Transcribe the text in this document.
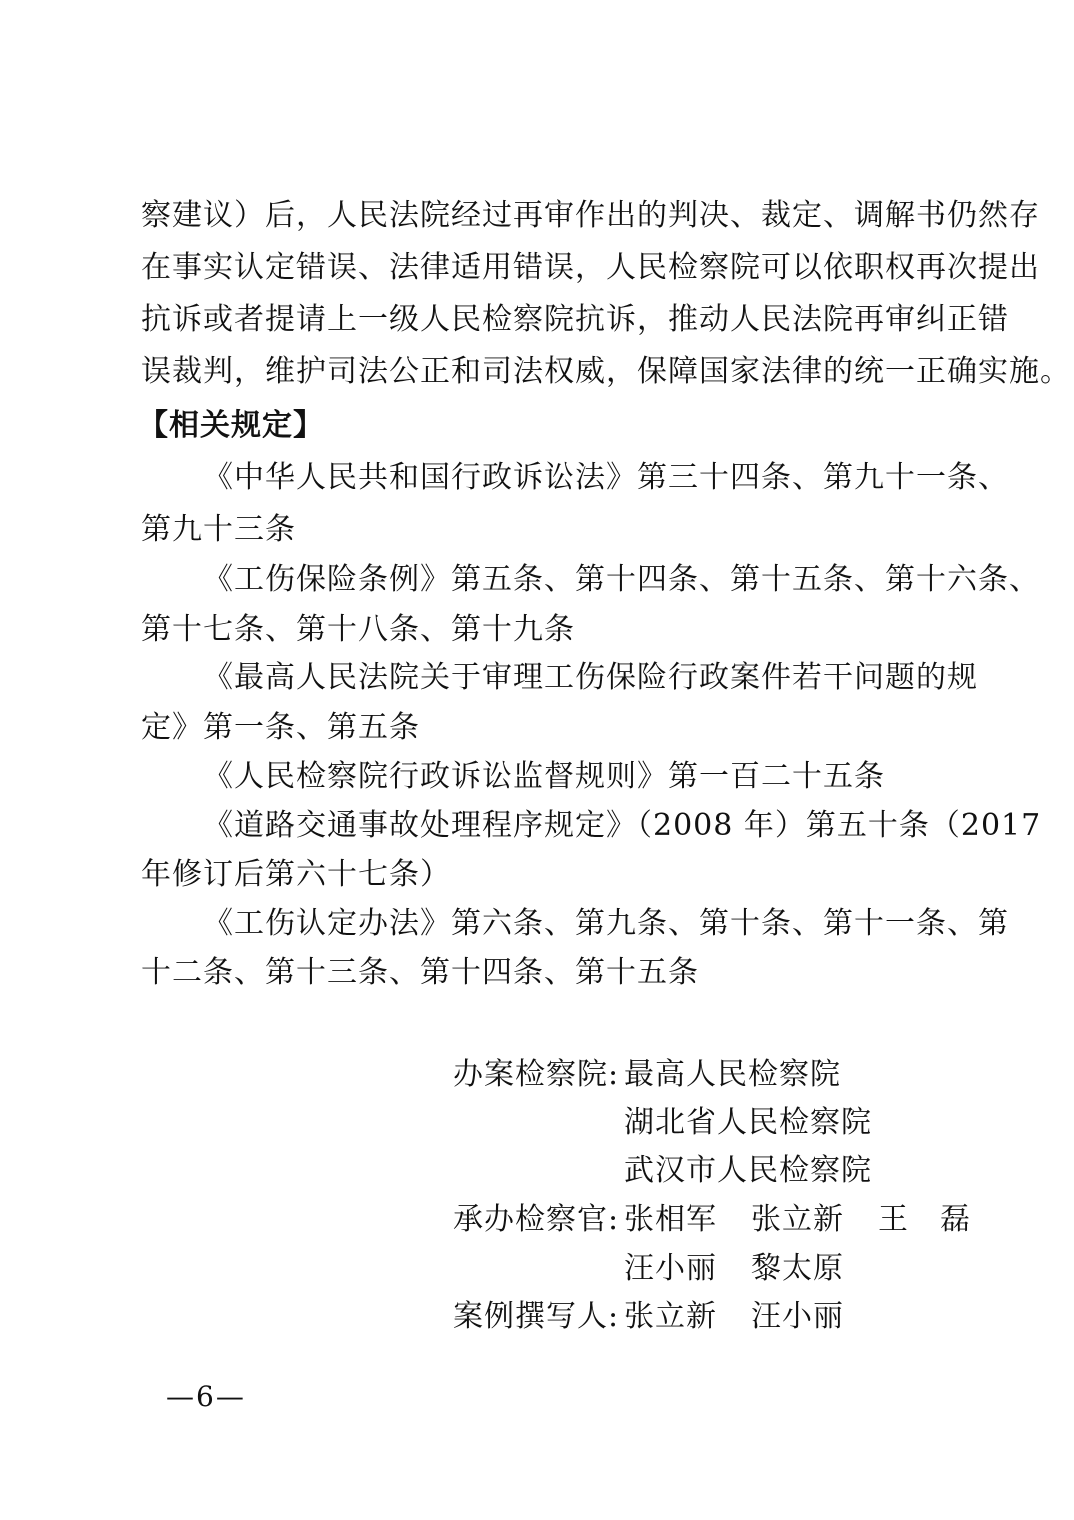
察建议）后，人民法院经过再审作出的判决、裁定、调解书仍然存
在事实认定错误、法律适用错误，人民检察院可以依职权再次提出
抗诉或者提请上一级人民检察院抗诉，推动人民法院再审纠正错
误裁判，维护司法公正和司法权威，保障国家法律的统一正确实施。
【相关规定】
《中华人民共和国行政诉讼法》第三十四条、第九十一条、
第九十三条
《工伤保险条例》第五条、第十四条、第十五条、第十六条、
第十七条、第十八条、第十九条
《最高人民法院关于审理工伤保险行政案件若干问题的规
定》第一条、第五条
《人民检察院行政诉讼监督规则》第一百二十五条
《道路交通事故处理程序规定》（2008 年）第五十条（2017
年修订后第六十七条）
《工伤认定办法》第六条、第九条、第十条、第十一条、第
十二条、第十三条、第十四条、第十五条
办案检察院: 最高人民检察院
湖北省人民检察院
武汉市人民检察院
承办检察官: 张相军 张立新 王　磊
汪小丽 黎太原
案例撰写人: 张立新 汪小丽
—6—
